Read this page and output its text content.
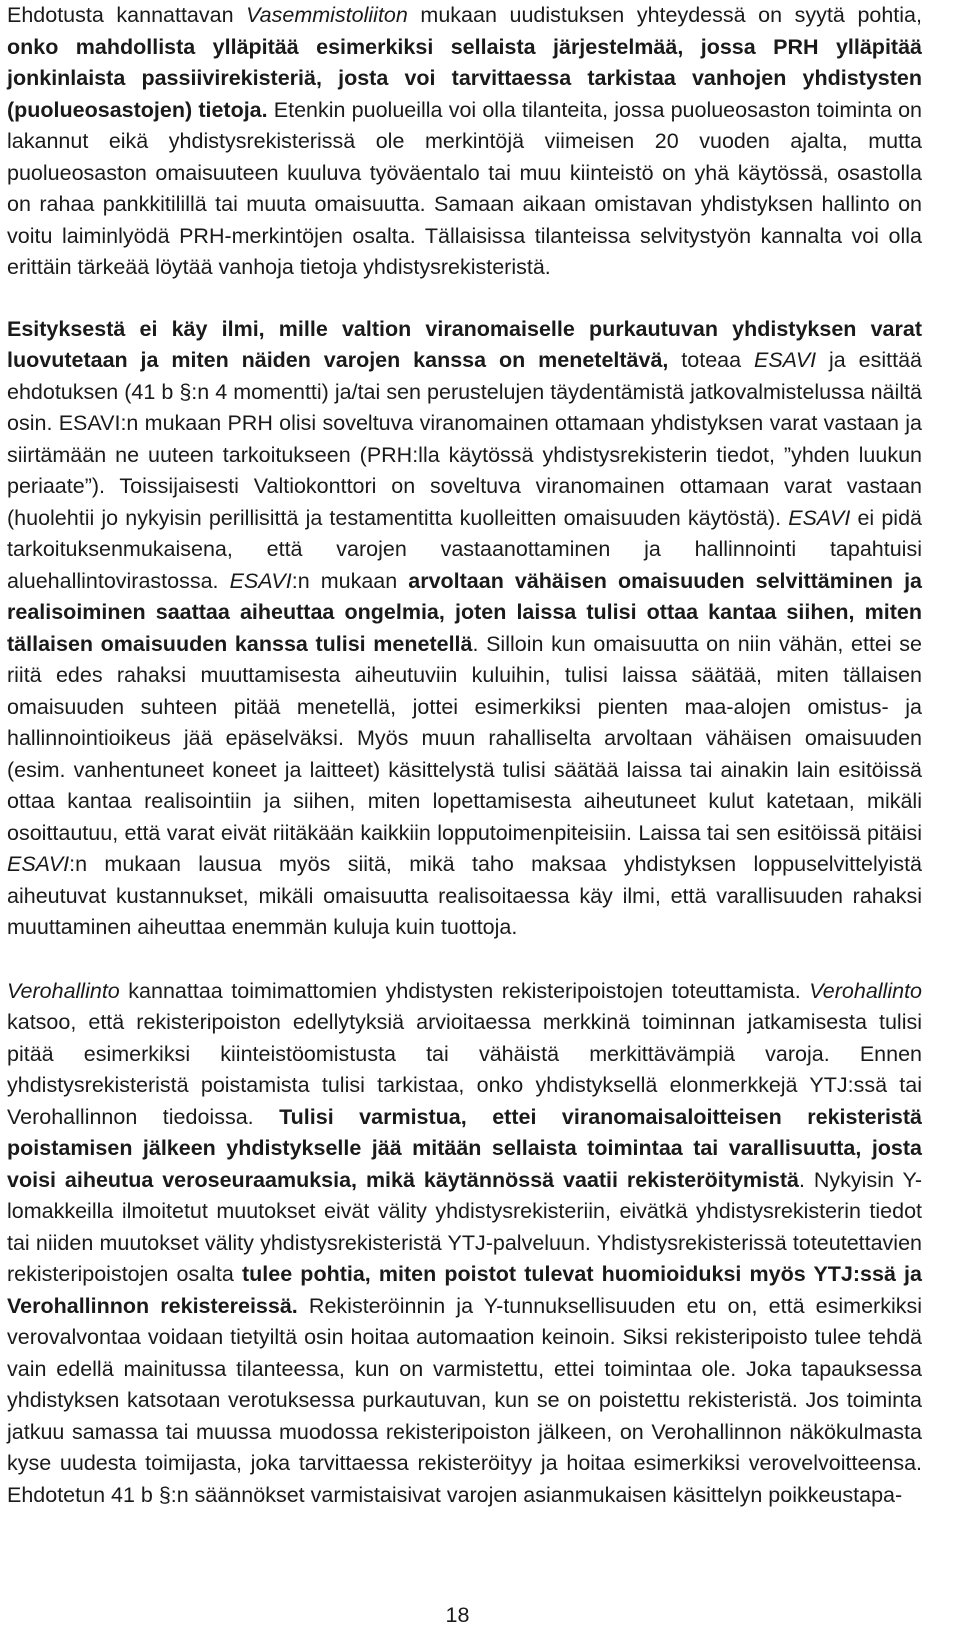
Ehdotusta kannattavan Vasemmistoliiton mukaan uudistuksen yhteydessä on syytä pohtia, onko mahdollista ylläpitää esimerkiksi sellaista järjestelmää, jossa PRH ylläpitää jonkinlaista passiivirekisteriä, josta voi tarvittaessa tarkistaa vanhojen yhdistysten (puolueosastojen) tietoja. Etenkin puolueilla voi olla tilanteita, jossa puolueosaston toiminta on lakannut eikä yhdistysrekisterissä ole merkintöjä viimeisen 20 vuoden ajalta, mutta puolueosaston omaisuuteen kuuluva työväentalo tai muu kiinteistö on yhä käytössä, osastolla on rahaa pankkitilillä tai muuta omaisuutta. Samaan aikaan omistavan yhdistyksen hallinto on voitu laiminlyödä PRH-merkintöjen osalta. Tällaisissa tilanteissa selvitystyön kannalta voi olla erittäin tärkeää löytää vanhoja tietoja yhdistysrekisteristä.

Esityksestä ei käy ilmi, mille valtion viranomaiselle purkautuvan yhdistyksen varat luovutetaan ja miten näiden varojen kanssa on meneteltävä, toteaa ESAVI ja esittää ehdotuksen (41 b §:n 4 momentti) ja/tai sen perustelujen täydentämistä jatkovalmistelussa näiltä osin. ESAVI:n mukaan PRH olisi soveltuva viranomainen ottamaan yhdistyksen varat vastaan ja siirtämään ne uuteen tarkoitukseen (PRH:lla käytössä yhdistysrekisterin tiedot, ”yhden luukun periaate”). Toissijaisesti Valtiokonttori on soveltuva viranomainen ottamaan varat vastaan (huolehtii jo nykyisin perillisittä ja testamentitta kuolleitten omaisuuden käytöstä). ESAVI ei pidä tarkoituksenmukaisena, että varojen vastaanottaminen ja hallinnointi tapahtuisi aluehallintovirastossa. ESAVI:n mukaan arvoltaan vähäisen omaisuuden selvittäminen ja realisoiminen saattaa aiheuttaa ongelmia, joten laissa tulisi ottaa kantaa siihen, miten tällaisen omaisuuden kanssa tulisi menetellä. Silloin kun omaisuutta on niin vähän, ettei se riitä edes rahaksi muuttamisesta aiheutuviin kuluihin, tulisi laissa säätää, miten tällaisen omaisuuden suhteen pitää menetellä, jottei esimerkiksi pienten maa-alojen omistus- ja hallinnointioikeus jää epäselväksi. Myös muun rahalliselta arvoltaan vähäisen omaisuuden (esim. vanhentuneet koneet ja laitteet) käsittelystä tulisi säätää laissa tai ainakin lain esitöissä ottaa kantaa realisointiin ja siihen, miten lopettamisesta aiheutuneet kulut katetaan, mikäli osoittautuu, että varat eivät riitäkään kaikkiin lopputoimenpiteisiin. Laissa tai sen esitöissä pitäisi ESAVI:n mukaan lausua myös siitä, mikä taho maksaa yhdistyksen loppuselvittelyistä aiheutuvat kustannukset, mikäli omaisuutta realisoitaessa käy ilmi, että varallisuuden rahaksi muuttaminen aiheuttaa enemmän kuluja kuin tuottoja.

Verohallinto kannattaa toimimattomien yhdistysten rekisteripoistojen toteuttamista. Verohallinto katsoo, että rekisteripoiston edellytyksiä arvioitaessa merkkinä toiminnan jatkamisesta tulisi pitää esimerkiksi kiinteistöomistusta tai vähäistä merkittävämpiä varoja. Ennen yhdistysrekisteristä poistamista tulisi tarkistaa, onko yhdistyksellä elonmerkkejä YTJ:ssä tai Verohallinnon tiedoissa. Tulisi varmistua, ettei viranomaisaloitteisen rekisteristä poistamisen jälkeen yhdistykselle jää mitään sellaista toimintaa tai varallisuutta, josta voisi aiheutua veroseuraamuksia, mikä käytännössä vaatii rekisteröitymistä. Nykyisin Y-lomakkeilla ilmoitetut muutokset eivät välity yhdistysrekisteriin, eivätkä yhdistysrekisterin tiedot tai niiden muutokset välity yhdistysrekisteristä YTJ-palveluun. Yhdistysrekisterissä toteutettavien rekisteripoistojen osalta tulee pohtia, miten poistot tulevat huomioiduksi myös YTJ:ssä ja Verohallinnon rekistereissä. Rekisteröinnin ja Y-tunnuksellisuuden etu on, että esimerkiksi verovalvontaa voidaan tietyiltä osin hoitaa automaation keinoin. Siksi rekisteripoisto tulee tehdä vain edellä mainitussa tilanteessa, kun on varmistettu, ettei toimintaa ole. Joka tapauksessa yhdistyksen katsotaan verotuksessa purkautuvan, kun se on poistettu rekisteristä. Jos toiminta jatkuu samassa tai muussa muodossa rekisteripoiston jälkeen, on Verohallinnon näkökulmasta kyse uudesta toimijasta, joka tarvittaessa rekisteröityy ja hoitaa esimerkiksi verovelvoitteensa. Ehdotetun 41 b §:n säännökset varmistaisivat varojen asianmukaisen käsittelyn poikkeustapa-

18
